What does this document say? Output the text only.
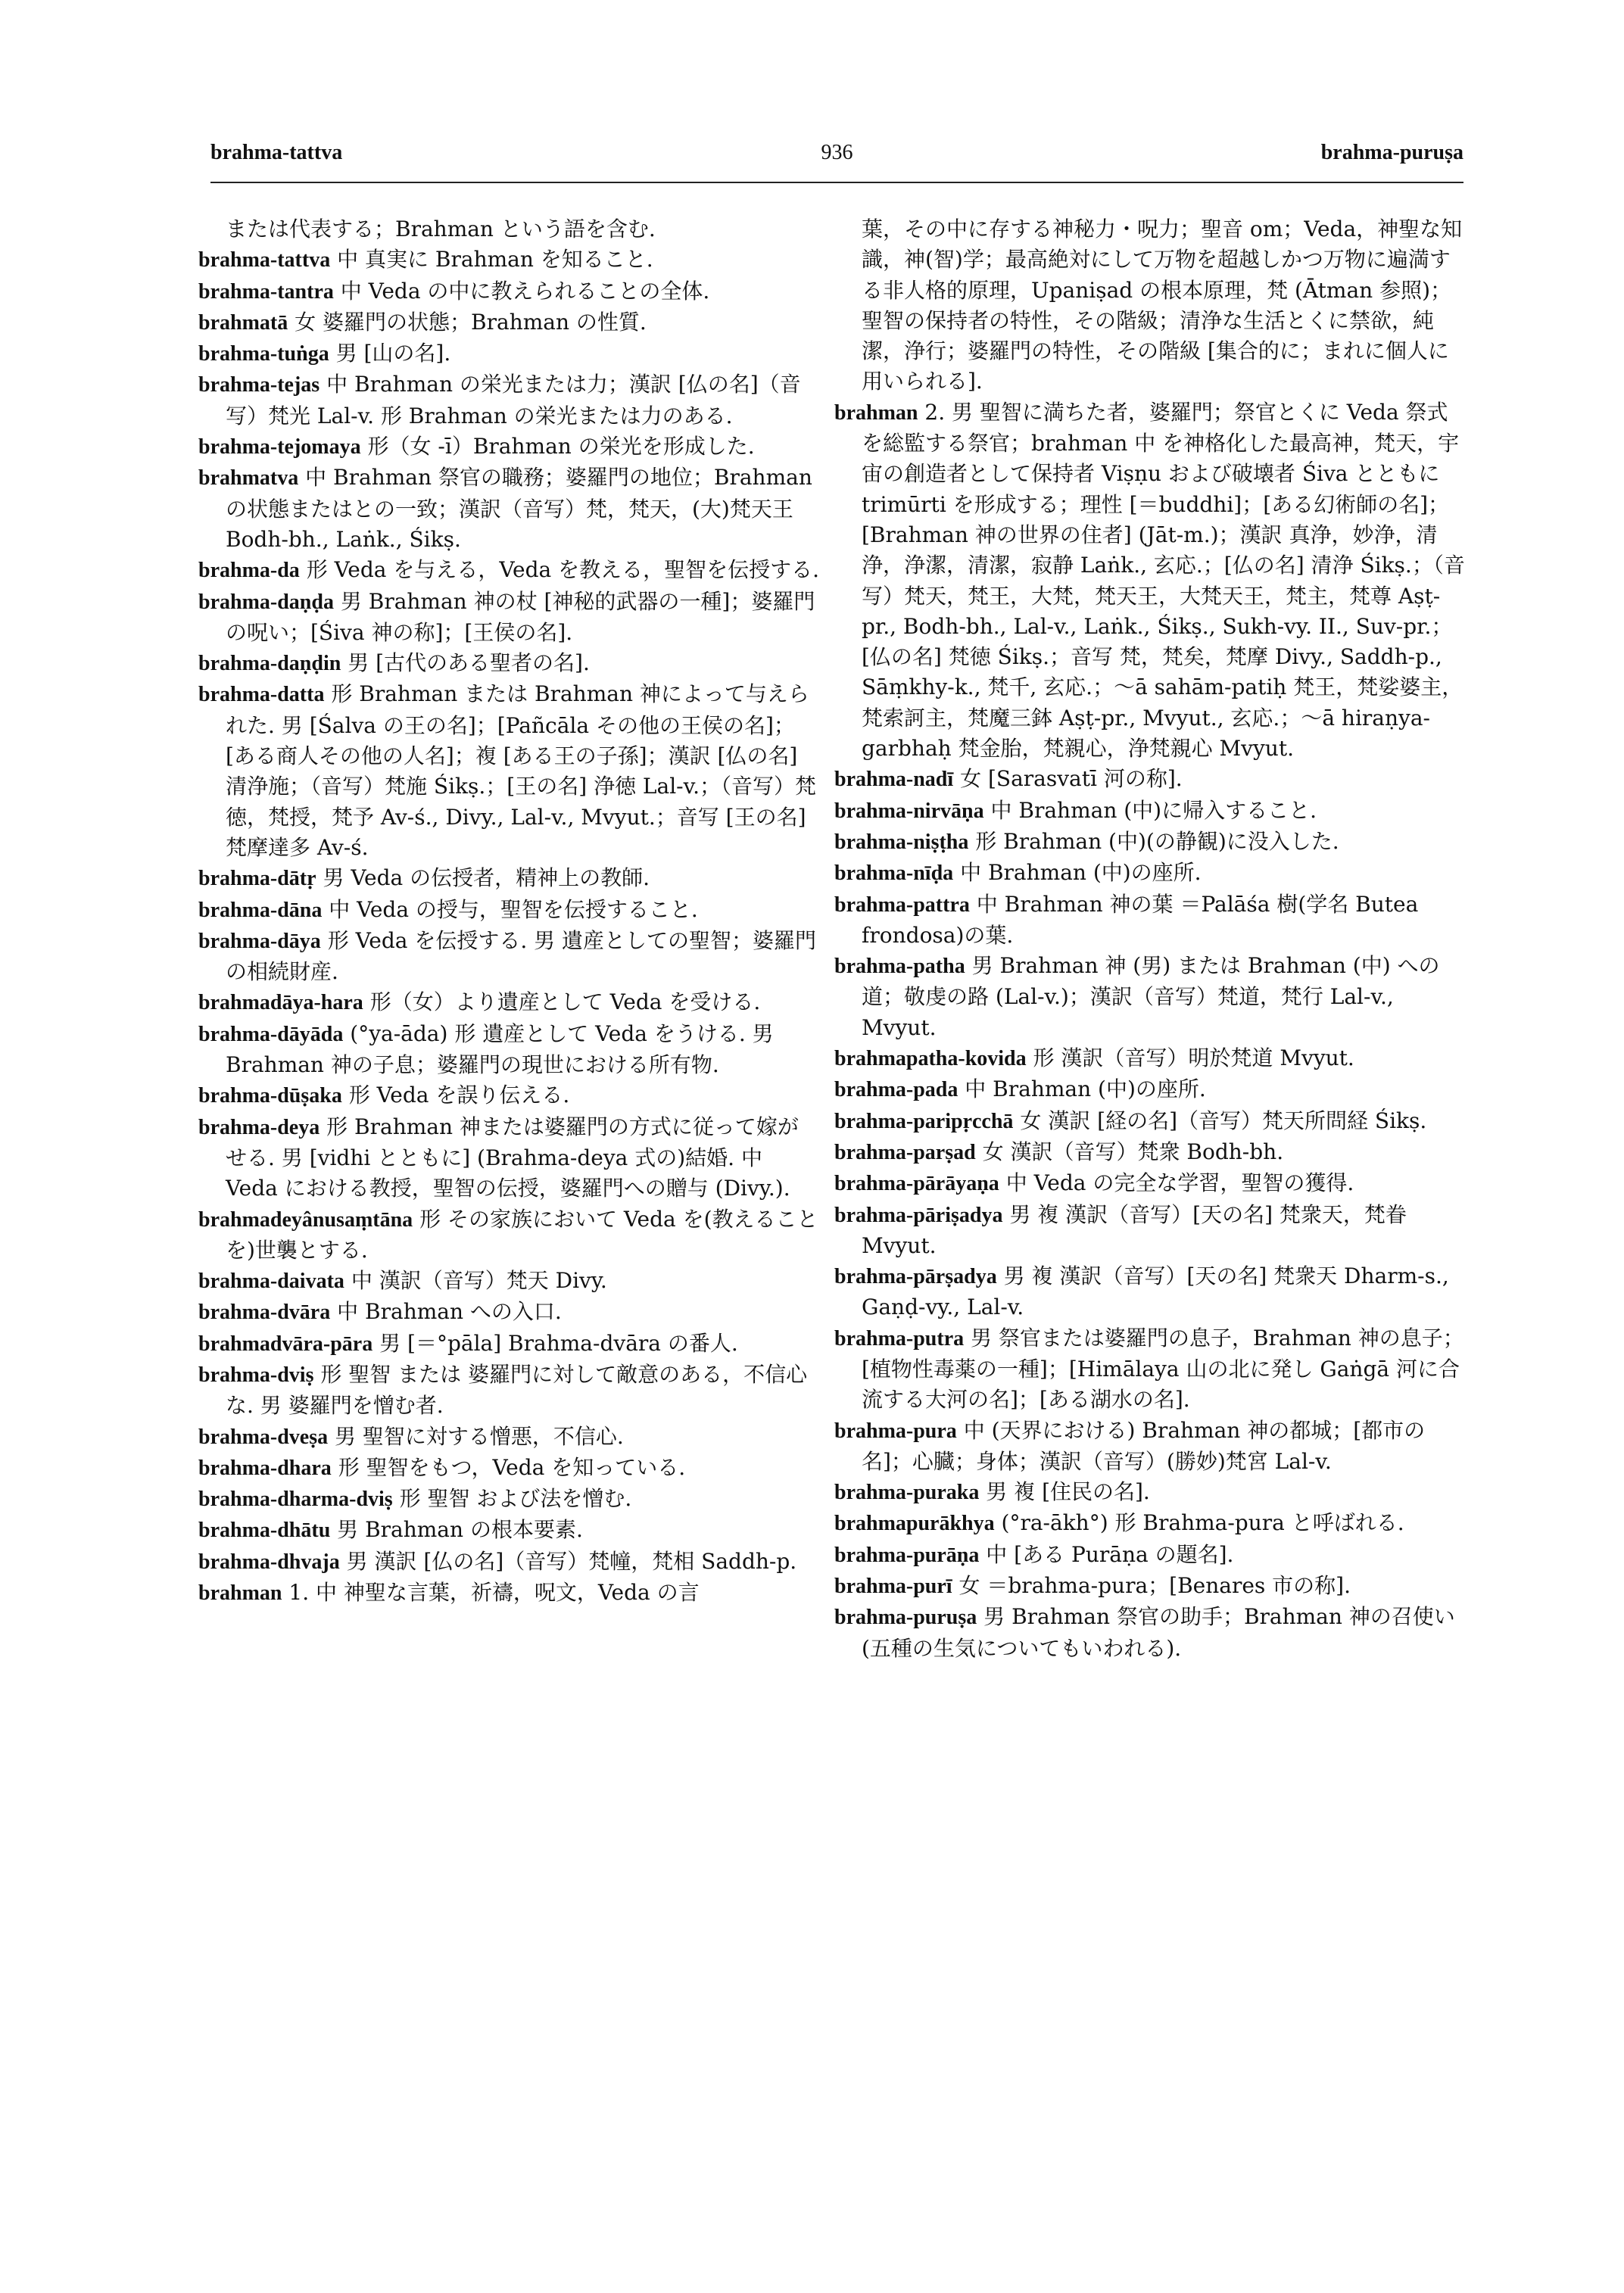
brahma-tattva	936	brahma-puruṣa

または代表する；Brahman という語を含む.

brahma-tattva 中 真実に Brahman を知ること.

brahma-tantra 中 Veda の中に教えられることの全体.

brahmatā 女 婆羅門の状態；Brahman の性質.

brahma-tuṅga 男 [山の名].

brahma-tejas 中 Brahman の栄光または力；漢訳 [仏の名]（音写）梵光 Lal-v. 形 Brahman の栄光または力のある.

brahma-tejomaya 形（女 -ī）Brahman の栄光を形成した.

brahmatva 中 Brahman 祭官の職務；婆羅門の地位；Brahman の状態またはとの一致；漢訳（音写）梵，梵天，(大)梵天王 Bodh-bh., Laṅk., Śikṣ.

brahma-da 形 Veda を与える，Veda を教える，聖智を伝授する.

brahma-daṇḍa 男 Brahman 神の杖 [神秘的武器の一種]；婆羅門の呪い；[Śiva 神の称]；[王侯の名].

brahma-daṇḍin 男 [古代のある聖者の名].

brahma-datta 形 Brahman または Brahman 神によって与えられた. 男 [Śalva の王の名]；[Pañcāla その他の王侯の名]；[ある商人その他の人名]；複 [ある王の子孫]；漢訳 [仏の名] 清浄施；（音写）梵施 Śikṣ.；[王の名] 浄徳 Lal-v.；（音写）梵徳，梵授，梵予 Av-ś., Divy., Lal-v., Mvyut.；音写 [王の名] 梵摩達多 Av-ś.

brahma-dātṛ 男 Veda の伝授者，精神上の教師.

brahma-dāna 中 Veda の授与，聖智を伝授すること.

brahma-dāya 形 Veda を伝授する. 男 遺産としての聖智；婆羅門の相続財産.

brahmadāya-hara 形（女）より遺産として Veda を受ける.

brahma-dāyāda (°ya-āda) 形 遺産として Veda をうける. 男 Brahman 神の子息；婆羅門の現世における所有物.

brahma-dūṣaka 形 Veda を誤り伝える.

brahma-deya 形 Brahman 神または婆羅門の方式に従って嫁がせる. 男 [vidhi とともに] (Brahma-deya 式の)結婚. 中 Veda における教授，聖智の伝授，婆羅門への贈与 (Divy.).

brahmadeyânusaṃtāna 形 その家族において Veda を(教えることを)世襲とする.

brahma-daivata 中 漢訳（音写）梵天 Divy.

brahma-dvāra 中 Brahman への入口.

brahmadvāra-pāra 男 [＝°pāla] Brahma-dvāra の番人.

brahma-dviṣ 形 聖智 または 婆羅門に対して敵意のある，不信心な. 男 婆羅門を憎む者.

brahma-dveṣa 男 聖智に対する憎悪，不信心.

brahma-dhara 形 聖智をもつ，Veda を知っている.

brahma-dharma-dviṣ 形 聖智 および法を憎む.

brahma-dhātu 男 Brahman の根本要素.

brahma-dhvaja 男 漢訳 [仏の名]（音写）梵幢，梵相 Saddh-p.

brahman 1. 中 神聖な言葉，祈禱，呪文，Veda の言

葉，その中に存する神秘力・呪力；聖音 om；Veda，神聖な知識，神(智)学；最高絶対にして万物を超越しかつ万物に遍満する非人格的原理，Upaniṣad の根本原理，梵 (Ātman 参照)；聖智の保持者の特性，その階級；清浄な生活とくに禁欲，純潔，浄行；婆羅門の特性，その階級 [集合的に；まれに個人に用いられる].

brahman 2. 男 聖智に満ちた者，婆羅門；祭官とくに Veda 祭式を総監する祭官；brahman 中 を神格化した最高神，梵天，宇宙の創造者として保持者 Viṣṇu および破壊者 Śiva とともに trimūrti を形成する；理性 [＝buddhi]；[ある幻術師の名]；[Brahman 神の世界の住者] (Jāt-m.)；漢訳 真浄，妙浄，清浄，浄潔，清潔，寂静 Laṅk., 玄応.；[仏の名] 清浄 Śikṣ.；（音写）梵天，梵王，大梵，梵天王，大梵天王，梵主，梵尊 Aṣṭ-pr., Bodh-bh., Lal-v., Laṅk., Śikṣ., Sukh-vy. II., Suv-pr.；[仏の名] 梵徳 Śikṣ.；音写 梵，梵矣，梵摩 Divy., Saddh-p., Sāṃkhy-k., 梵千, 玄応.；～ā sahām-patiḥ 梵王，梵娑婆主，梵索訶主，梵魔三鉢 Aṣṭ-pr., Mvyut., 玄応.；～ā hiraṇya-garbhaḥ 梵金胎，梵親心，浄梵親心 Mvyut.

brahma-nadī 女 [Sarasvatī 河の称].

brahma-nirvāṇa 中 Brahman (中)に帰入すること.

brahma-niṣṭha 形 Brahman (中)(の静観)に没入した.

brahma-nīḍa 中 Brahman (中)の座所.

brahma-pattra 中 Brahman 神の葉 ＝Palāśa 樹(学名 Butea frondosa)の葉.

brahma-patha 男 Brahman 神 (男) または Brahman (中) への道；敬虔の路 (Lal-v.)；漢訳（音写）梵道，梵行 Lal-v., Mvyut.

brahmapatha-kovida 形 漢訳（音写）明於梵道 Mvyut.

brahma-pada 中 Brahman (中)の座所.

brahma-paripṛcchā 女 漢訳 [経の名]（音写）梵天所問経 Śikṣ.

brahma-parṣad 女 漢訳（音写）梵衆 Bodh-bh.

brahma-pārāyaṇa 中 Veda の完全な学習，聖智の獲得.

brahma-pāriṣadya 男 複 漢訳（音写）[天の名] 梵衆天，梵眷 Mvyut.

brahma-pārṣadya 男 複 漢訳（音写）[天の名] 梵衆天 Dharm-s., Gaṇḍ-vy., Lal-v.

brahma-putra 男 祭官または婆羅門の息子，Brahman 神の息子；[植物性毒薬の一種]；[Himālaya 山の北に発し Gaṅgā 河に合流する大河の名]；[ある湖水の名].

brahma-pura 中 (天界における) Brahman 神の都城；[都市の名]；心臓；身体；漢訳（音写）(勝妙)梵宮 Lal-v.

brahma-puraka 男 複 [住民の名].

brahmapurākhya (°ra-ākh°) 形 Brahma-pura と呼ばれる.

brahma-purāṇa 中 [ある Purāṇa の題名].

brahma-purī 女 ＝brahma-pura；[Benares 市の称].

brahma-puruṣa 男 Brahman 祭官の助手；Brahman 神の召使い (五種の生気についてもいわれる).
